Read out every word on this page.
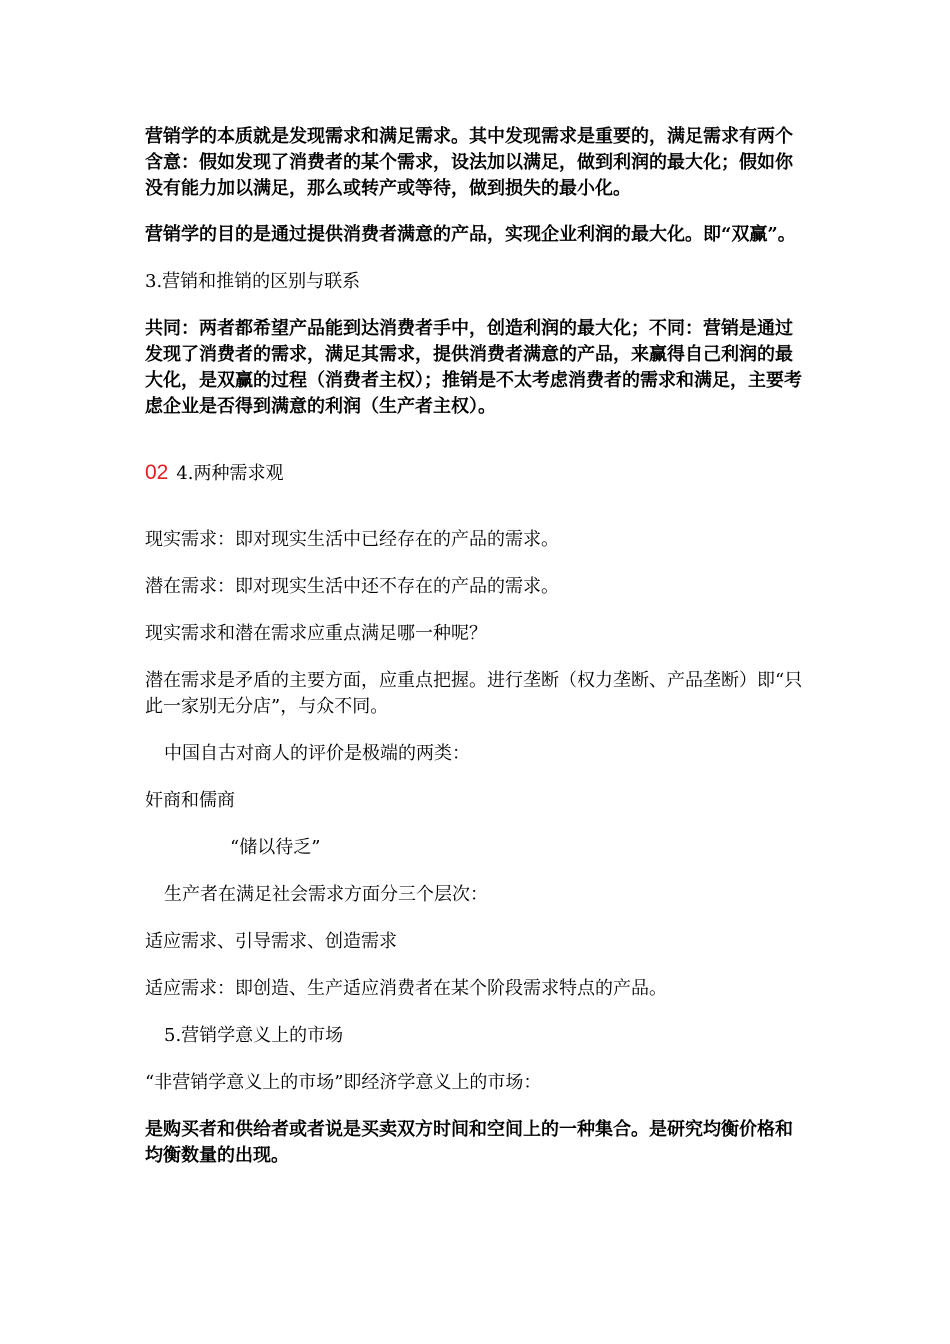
营销学的本质就是发现需求和满足需求。其中发现需求是重要的，满足需求有两个含意：假如发现了消费者的某个需求，设法加以满足，做到利润的最大化；假如你没有能力加以满足，那么或转产或等待，做到损失的最小化。

营销学的目的是通过提供消费者满意的产品，实现企业利润的最大化。即“双赢”。

3.营销和推销的区别与联系

共同：两者都希望产品能到达消费者手中，创造利润的最大化；不同：营销是通过发现了消费者的需求，满足其需求，提供消费者满意的产品，来赢得自己利润的最大化，是双赢的过程（消费者主权）；推销是不太考虑消费者的需求和满足，主要考虑企业是否得到满意的利润（生产者主权）。

02 4.两种需求观

现实需求：即对现实生活中已经存在的产品的需求。

潜在需求：即对现实生活中还不存在的产品的需求。

现实需求和潜在需求应重点满足哪一种呢？

潜在需求是矛盾的主要方面，应重点把握。进行垄断（权力垄断、产品垄断）即“只此一家别无分店”，与众不同。

中国自古对商人的评价是极端的两类：

奸商和儒商

“储以待乏”

生产者在满足社会需求方面分三个层次：

适应需求、引导需求、创造需求

适应需求：即创造、生产适应消费者在某个阶段需求特点的产品。

5.营销学意义上的市场

“非营销学意义上的市场”即经济学意义上的市场：

是购买者和供给者或者说是买卖双方时间和空间上的一种集合。是研究均衡价格和均衡数量的出现。
